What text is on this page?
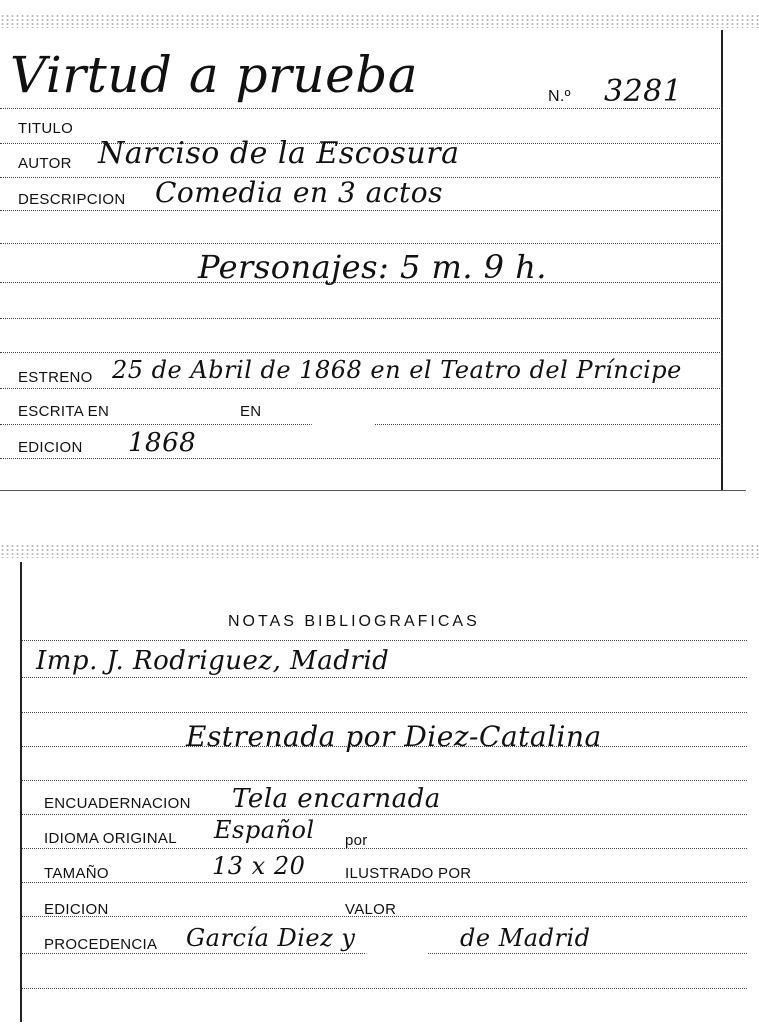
Virtud a prueba	N.º 3281
TITULO
AUTOR Narciso de la Escosura
DESCRIPCION Comedia en 3 actos
Personajes: 5 m. 9 h.
ESTRENO 25 de Abril de 1868 en el Teatro del Príncipe
ESCRITA EN	EN
EDICION 1868
NOTAS BIBLIOGRAFICAS
Imp. J. Rodriguez, Madrid
Estrenada por Diez-Catalina
ENCUADERNACION Tela encarnada
IDIOMA ORIGINAL Español por
TAMAÑO	13 x 20	ILUSTRADO POR
EDICION	VALOR
PROCEDENCIA García Diez y	de Madrid
